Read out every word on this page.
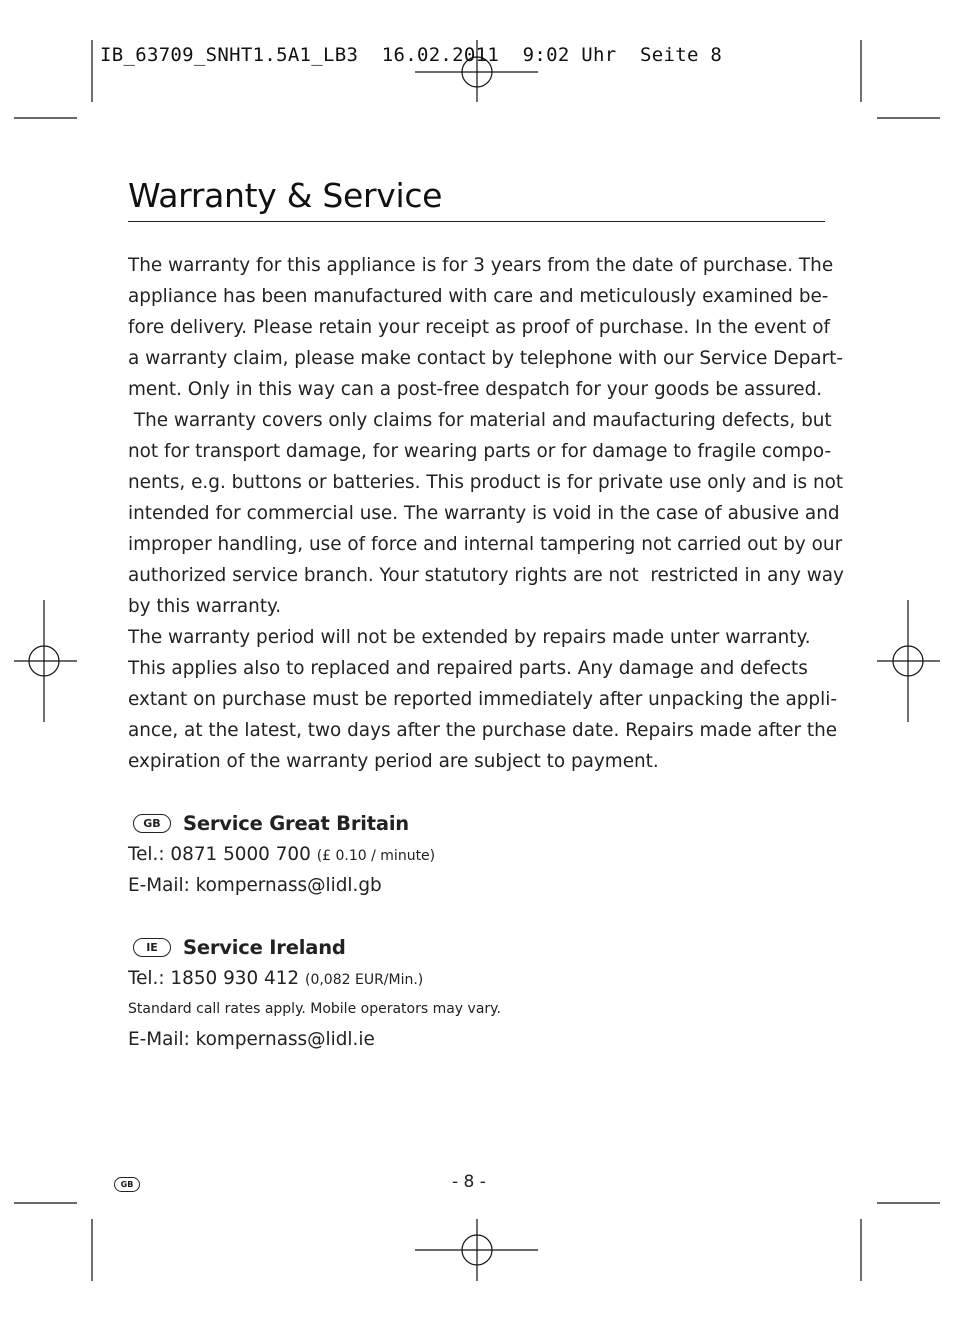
IB_63709_SNHT1.5A1_LB3  16.02.2011  9:02 Uhr  Seite 8
Warranty & Service
The warranty for this appliance is for 3 years from the date of purchase. The
appliance has been manufactured with care and meticulously examined be-
fore delivery. Please retain your receipt as proof of purchase. In the event of
a warranty claim, please make contact by telephone with our Service Depart-
ment. Only in this way can a post-free despatch for your goods be assured.
The warranty covers only claims for material and maufacturing defects, but
not for transport damage, for wearing parts or for damage to fragile compo-
nents, e.g. buttons or batteries. This product is for private use only and is not
intended for commercial use. The warranty is void in the case of abusive and
improper handling, use of force and internal tampering not carried out by our
authorized service branch. Your statutory rights are not  restricted in any way
by this warranty.
The warranty period will not be extended by repairs made unter warranty.
This applies also to replaced and repaired parts. Any damage and defects
extant on purchase must be reported immediately after unpacking the appli-
ance, at the latest, two days after the purchase date. Repairs made after the
expiration of the warranty period are subject to payment.
GB	Service Great Britain
Tel.: 0871 5000 700 (£ 0.10 / minute)
E-Mail: kompernass@lidl.gb
IE	Service Ireland
Tel.: 1850 930 412 (0,082 EUR/Min.)
Standard call rates apply. Mobile operators may vary.
E-Mail: kompernass@lidl.ie
GB	- 8 -
